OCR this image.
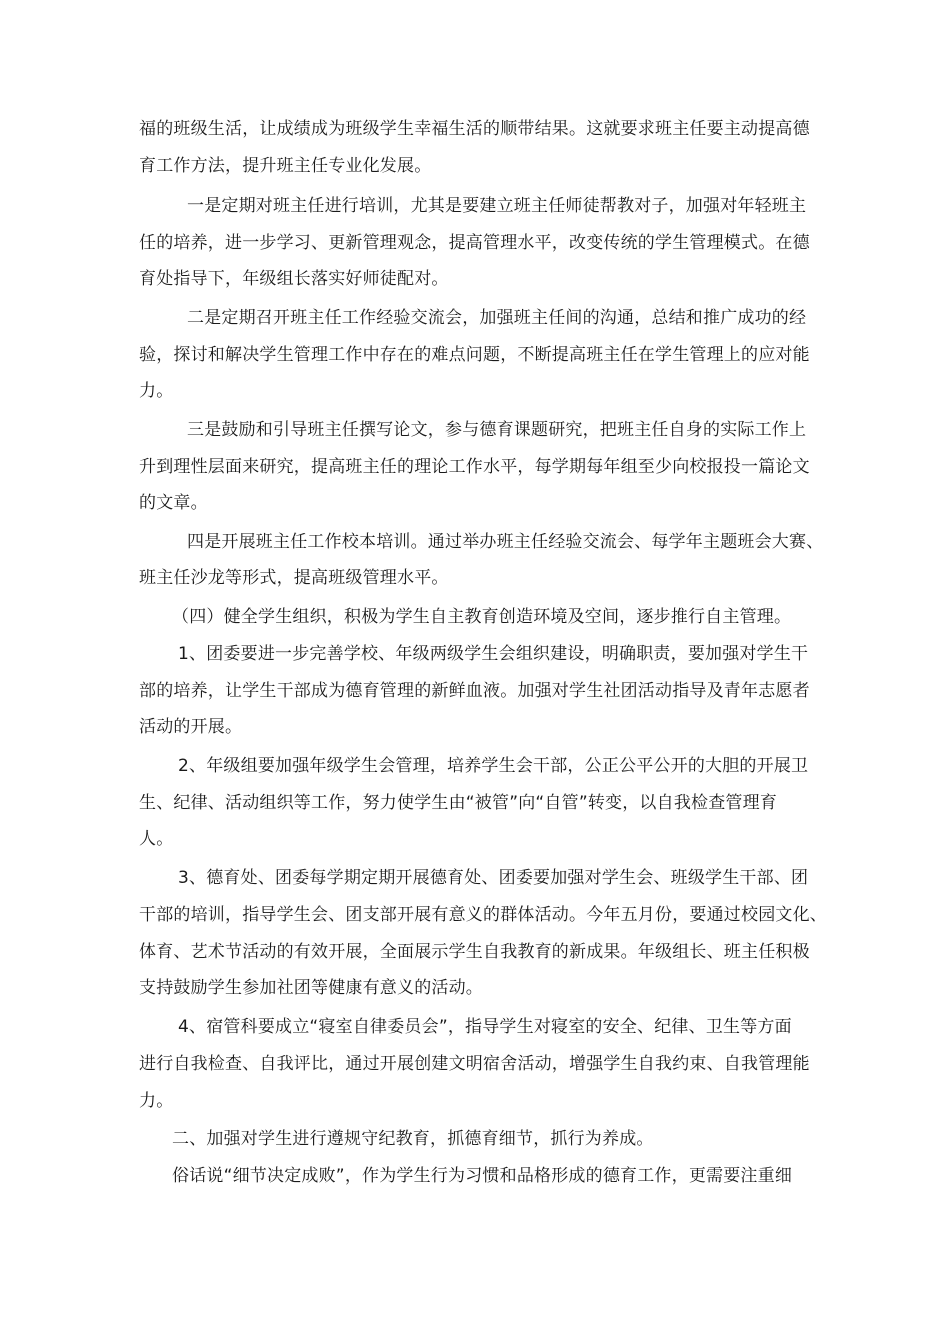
福的班级生活，让成绩成为班级学生幸福生活的顺带结果。这就要求班主任要主动提高德
育工作方法，提升班主任专业化发展。
一是定期对班主任进行培训，尤其是要建立班主任师徒帮教对子，加强对年轻班主
任的培养，进一步学习、更新管理观念，提高管理水平，改变传统的学生管理模式。在德
育处指导下，年级组长落实好师徒配对。
二是定期召开班主任工作经验交流会，加强班主任间的沟通，总结和推广成功的经
验，探讨和解决学生管理工作中存在的难点问题，不断提高班主任在学生管理上的应对能
力。
三是鼓励和引导班主任撰写论文，参与德育课题研究，把班主任自身的实际工作上
升到理性层面来研究，提高班主任的理论工作水平，每学期每年组至少向校报投一篇论文
的文章。
四是开展班主任工作校本培训。通过举办班主任经验交流会、每学年主题班会大赛、
班主任沙龙等形式，提高班级管理水平。
（四）健全学生组织，积极为学生自主教育创造环境及空间，逐步推行自主管理。
1、团委要进一步完善学校、年级两级学生会组织建设，明确职责，要加强对学生干
部的培养，让学生干部成为德育管理的新鲜血液。加强对学生社团活动指导及青年志愿者
活动的开展。
2、年级组要加强年级学生会管理，培养学生会干部，公正公平公开的大胆的开展卫
生、纪律、活动组织等工作，努力使学生由“被管”向“自管”转变，以自我检查管理育
人。
3、德育处、团委每学期定期开展德育处、团委要加强对学生会、班级学生干部、团
干部的培训，指导学生会、团支部开展有意义的群体活动。今年五月份，要通过校园文化、
体育、艺术节活动的有效开展，全面展示学生自我教育的新成果。年级组长、班主任积极
支持鼓励学生参加社团等健康有意义的活动。
4、宿管科要成立“寝室自律委员会”，指导学生对寝室的安全、纪律、卫生等方面
进行自我检查、自我评比，通过开展创建文明宿舍活动，增强学生自我约束、自我管理能
力。
二、加强对学生进行遵规守纪教育，抓德育细节，抓行为养成。
俗话说“细节决定成败”，作为学生行为习惯和品格形成的德育工作，更需要注重细
